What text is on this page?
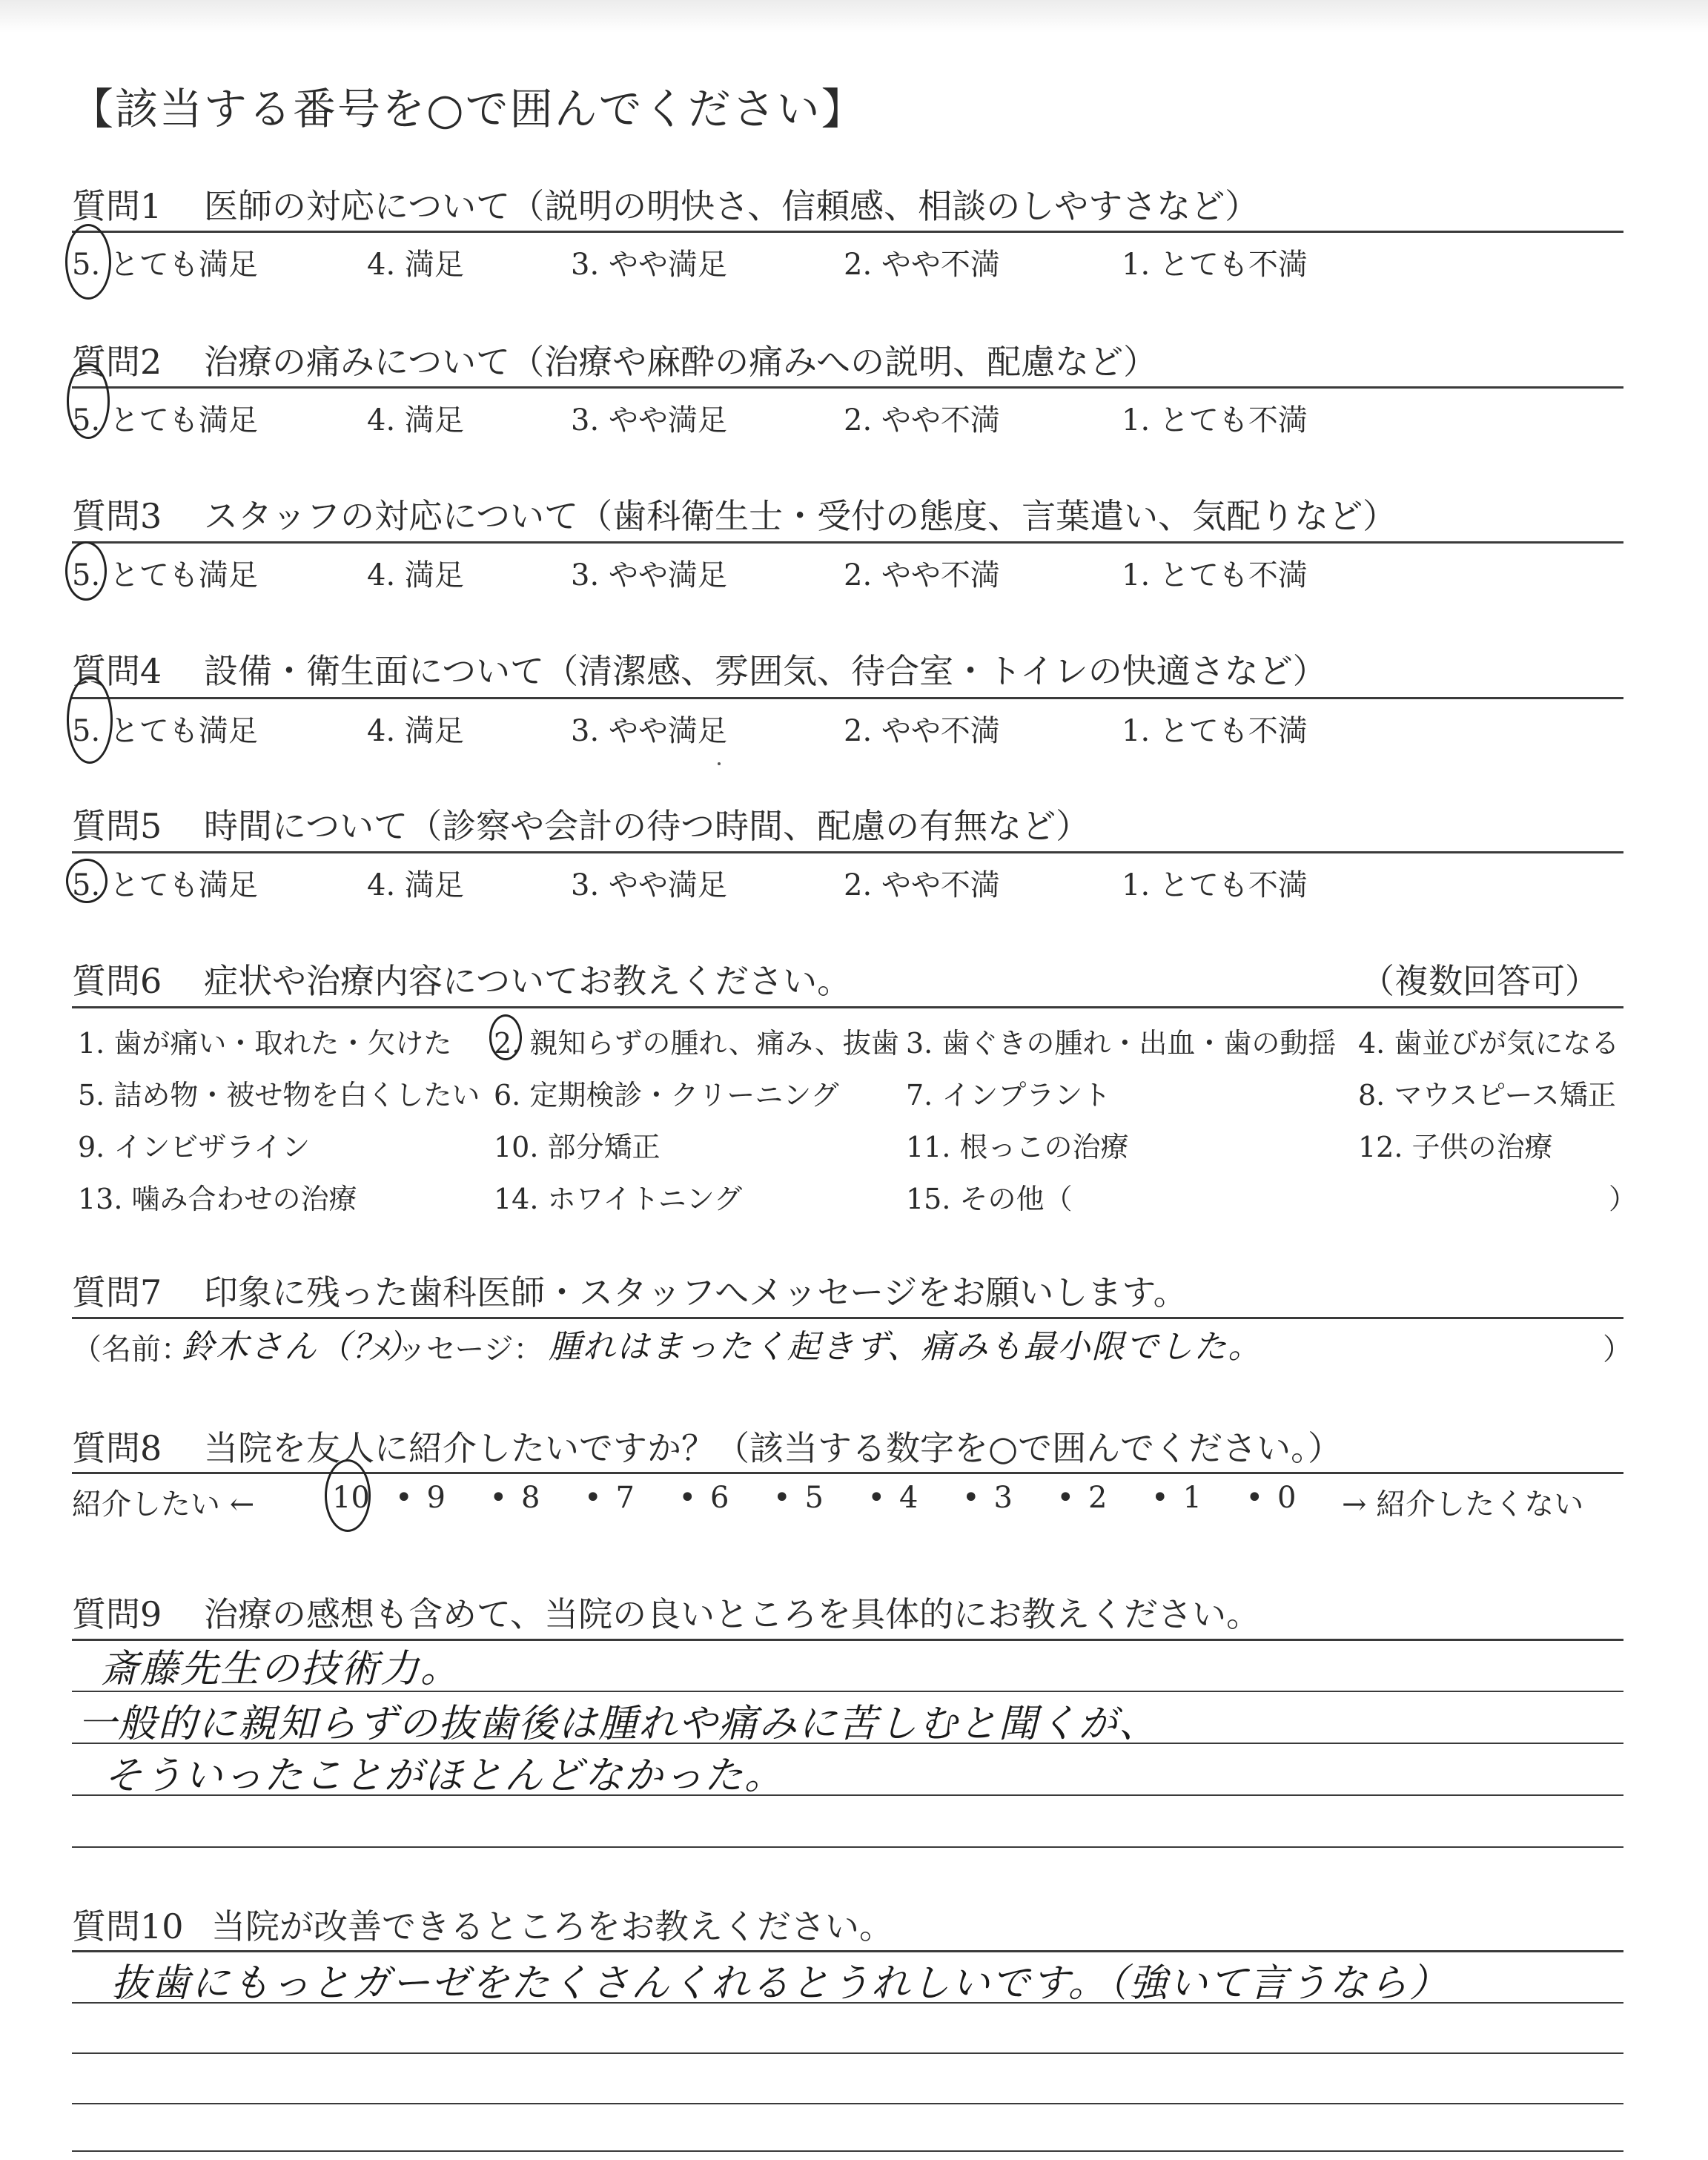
【該当する番号を○で囲んでください】
質問1 医師の対応について（説明の明快さ、信頼感、相談のしやすさなど）
5. とても満足	4. 満足	3. やや満足	2. やや不満	1. とても不満
質問2 治療の痛みについて（治療や麻酔の痛みへの説明、配慮など）
5. とても満足	4. 満足	3. やや満足	2. やや不満	1. とても不満
質問3 スタッフの対応について（歯科衛生士・受付の態度、言葉遣い、気配りなど）
5. とても満足	4. 満足	3. やや満足	2. やや不満	1. とても不満
質問4 設備・衛生面について（清潔感、雰囲気、待合室・トイレの快適さなど）
5. とても満足	4. 満足	3. やや満足	2. やや不満	1. とても不満
質問5 時間について（診察や会計の待つ時間、配慮の有無など）
5. とても満足	4. 満足	3. やや満足	2. やや不満	1. とても不満
質問6 症状や治療内容についてお教えください。	（複数回答可）
1. 歯が痛い・取れた・欠けた 2. 親知らずの腫れ、痛み、抜歯 3. 歯ぐきの腫れ・出血・歯の動揺 4. 歯並びが気になる
5. 詰め物・被せ物を白くしたい 6. 定期検診・クリーニング 7. インプラント	8. マウスピース矯正
9. インビザライン	10. 部分矯正	11. 根っこの治療	12. 子供の治療
13. 噛み合わせの治療	14. ホワイトニング	15. その他（	）
質問7 印象に残った歯科医師・スタッフへメッセージをお願いします。
（名前：
鈴木さん（？）
メッセージ： 腫れはまったく起きず、痛みも最小限でした。	）
質問8 当院を友人に紹介したいですか？（該当する数字を○で囲んでください。）
紹介したい ←	→ 紹介したくない
10 • 9 • 8 • 7 • 6 • 5 • 4 • 3 • 2 • 1 • 0
質問9 治療の感想も含めて、当院の良いところを具体的にお教えください。
斎藤先生の技術力。
一般的に親知らずの抜歯後は腫れや痛みに苦しむと聞くが、
そういったことがほとんどなかった。
質問10 当院が改善できるところをお教えください。
抜歯にもっとガーゼをたくさんくれるとうれしいです。（強いて言うなら）
